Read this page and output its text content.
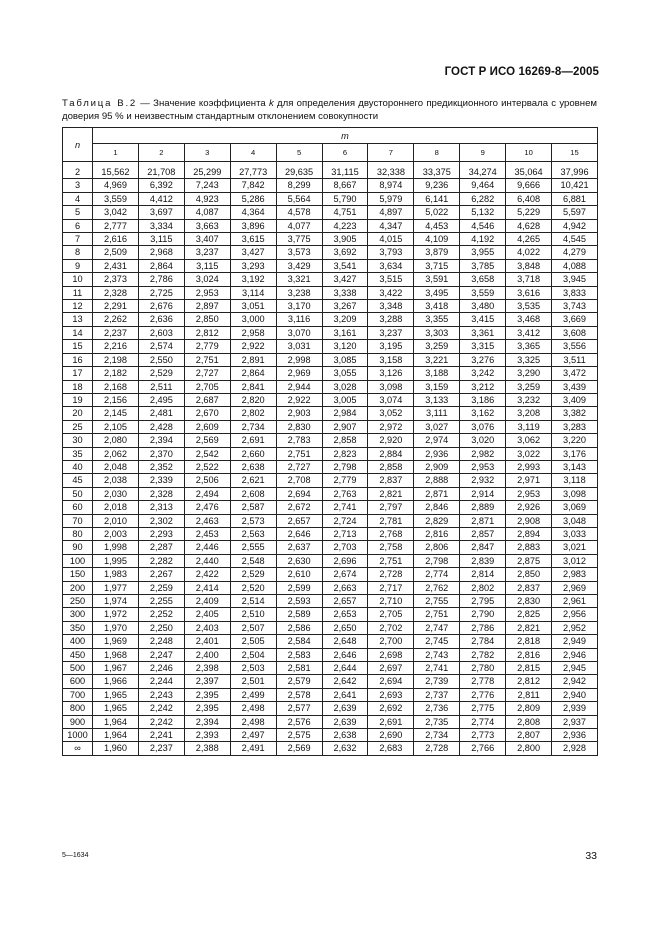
ГОСТ Р ИСО 16269-8—2005
Таблица В.2 — Значение коэффициента k для определения двустороннего предикционного интервала с уровнем доверия 95 % и неизвестным стандартным отклонением совокупности
n	m										
	1	2	3	4	5	6	7	8	9	10	15
2	15,562	21,708	25,299	27,773	29,635	31,115	32,338	33,375	34,274	35,064	37,996
3	4,969	6,392	7,243	7,842	8,299	8,667	8,974	9,236	9,464	9,666	10,421
4	3,559	4,412	4,923	5,286	5,564	5,790	5,979	6,141	6,282	6,408	6,881
5	3,042	3,697	4,087	4,364	4,578	4,751	4,897	5,022	5,132	5,229	5,597
6	2,777	3,334	3,663	3,896	4,077	4,223	4,347	4,453	4,546	4,628	4,942
7	2,616	3,115	3,407	3,615	3,775	3,905	4,015	4,109	4,192	4,265	4,545
8	2,509	2,968	3,237	3,427	3,573	3,692	3,793	3,879	3,955	4,022	4,279
9	2,431	2,864	3,115	3,293	3,429	3,541	3,634	3,715	3,785	3,848	4,088
10	2,373	2,786	3,024	3,192	3,321	3,427	3,515	3,591	3,658	3,718	3,945
11	2,328	2,725	2,953	3,114	3,238	3,338	3,422	3,495	3,559	3,616	3,833
12	2,291	2,676	2,897	3,051	3,170	3,267	3,348	3,418	3,480	3,535	3,743
13	2,262	2,636	2,850	3,000	3,116	3,209	3,288	3,355	3,415	3,468	3,669
14	2,237	2,603	2,812	2,958	3,070	3,161	3,237	3,303	3,361	3,412	3,608
15	2,216	2,574	2,779	2,922	3,031	3,120	3,195	3,259	3,315	3,365	3,556
16	2,198	2,550	2,751	2,891	2,998	3,085	3,158	3,221	3,276	3,325	3,511
17	2,182	2,529	2,727	2,864	2,969	3,055	3,126	3,188	3,242	3,290	3,472
18	2,168	2,511	2,705	2,841	2,944	3,028	3,098	3,159	3,212	3,259	3,439
19	2,156	2,495	2,687	2,820	2,922	3,005	3,074	3,133	3,186	3,232	3,409
20	2,145	2,481	2,670	2,802	2,903	2,984	3,052	3,111	3,162	3,208	3,382
25	2,105	2,428	2,609	2,734	2,830	2,907	2,972	3,027	3,076	3,119	3,283
30	2,080	2,394	2,569	2,691	2,783	2,858	2,920	2,974	3,020	3,062	3,220
35	2,062	2,370	2,542	2,660	2,751	2,823	2,884	2,936	2,982	3,022	3,176
40	2,048	2,352	2,522	2,638	2,727	2,798	2,858	2,909	2,953	2,993	3,143
45	2,038	2,339	2,506	2,621	2,708	2,779	2,837	2,888	2,932	2,971	3,118
50	2,030	2,328	2,494	2,608	2,694	2,763	2,821	2,871	2,914	2,953	3,098
60	2,018	2,313	2,476	2,587	2,672	2,741	2,797	2,846	2,889	2,926	3,069
70	2,010	2,302	2,463	2,573	2,657	2,724	2,781	2,829	2,871	2,908	3,048
80	2,003	2,293	2,453	2,563	2,646	2,713	2,768	2,816	2,857	2,894	3,033
90	1,998	2,287	2,446	2,555	2,637	2,703	2,758	2,806	2,847	2,883	3,021
100	1,995	2,282	2,440	2,548	2,630	2,696	2,751	2,798	2,839	2,875	3,012
150	1,983	2,267	2,422	2,529	2,610	2,674	2,728	2,774	2,814	2,850	2,983
200	1,977	2,259	2,414	2,520	2,599	2,663	2,717	2,762	2,802	2,837	2,969
250	1,974	2,255	2,409	2,514	2,593	2,657	2,710	2,755	2,795	2,830	2,961
300	1,972	2,252	2,405	2,510	2,589	2,653	2,705	2,751	2,790	2,825	2,956
350	1,970	2,250	2,403	2,507	2,586	2,650	2,702	2,747	2,786	2,821	2,952
400	1,969	2,248	2,401	2,505	2,584	2,648	2,700	2,745	2,784	2,818	2,949
450	1,968	2,247	2,400	2,504	2,583	2,646	2,698	2,743	2,782	2,816	2,946
500	1,967	2,246	2,398	2,503	2,581	2,644	2,697	2,741	2,780	2,815	2,945
600	1,966	2,244	2,397	2,501	2,579	2,642	2,694	2,739	2,778	2,812	2,942
700	1,965	2,243	2,395	2,499	2,578	2,641	2,693	2,737	2,776	2,811	2,940
800	1,965	2,242	2,395	2,498	2,577	2,639	2,692	2,736	2,775	2,809	2,939
900	1,964	2,242	2,394	2,498	2,576	2,639	2,691	2,735	2,774	2,808	2,937
1000	1,964	2,241	2,393	2,497	2,575	2,638	2,690	2,734	2,773	2,807	2,936
∞	1,960	2,237	2,388	2,491	2,569	2,632	2,683	2,728	2,766	2,800	2,928
5—1634	33
